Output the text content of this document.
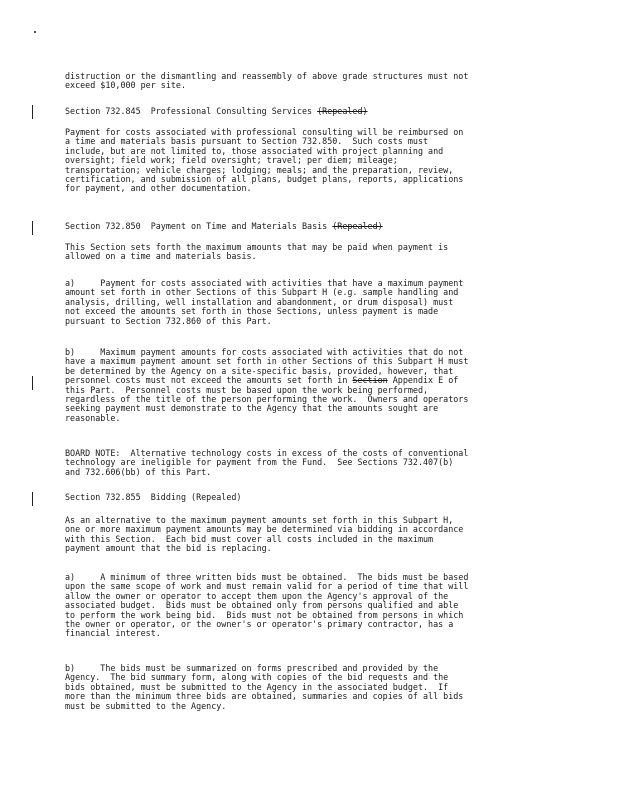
distruction or the dismantling and reassembly of above grade structures must not
exceed $10,000 per site.
Section 732.845  Professional Consulting Services (Repealed)
Payment for costs associated with professional consulting will be reimbursed on
a time and materials basis pursuant to Section 732.850.  Such costs must
include, but are not limited to, those associated with project planning and
oversight; field work; field oversight; travel; per diem; mileage;
transportation; vehicle charges; lodging; meals; and the preparation, review,
certification, and submission of all plans, budget plans, reports, applications
for payment, and other documentation.
Section 732.850  Payment on Time and Materials Basis (Repealed)
This Section sets forth the maximum amounts that may be paid when payment is
allowed on a time and materials basis.
a)     Payment for costs associated with activities that have a maximum payment
amount set forth in other Sections of this Subpart H (e.g. sample handling and
analysis, drilling, well installation and abandonment, or drum disposal) must
not exceed the amounts set forth in those Sections, unless payment is made
pursuant to Section 732.860 of this Part.
b)     Maximum payment amounts for costs associated with activities that do not
have a maximum payment amount set forth in other Sections of this Subpart H must
be determined by the Agency on a site-specific basis, provided, however, that
personnel costs must not exceed the amounts set forth in Section Appendix E of
this Part.  Personnel costs must be based upon the work being performed,
regardless of the title of the person performing the work.  Owners and operators
seeking payment must demonstrate to the Agency that the amounts sought are
reasonable.
BOARD NOTE:  Alternative technology costs in excess of the costs of conventional
technology are ineligible for payment from the Fund.  See Sections 732.407(b)
and 732.606(bb) of this Part.
Section 732.855  Bidding (Repealed)
As an alternative to the maximum payment amounts set forth in this Subpart H,
one or more maximum payment amounts may be determined via bidding in accordance
with this Section.  Each bid must cover all costs included in the maximum
payment amount that the bid is replacing.
a)     A minimum of three written bids must be obtained.  The bids must be based
upon the same scope of work and must remain valid for a period of time that will
allow the owner or operator to accept them upon the Agency's approval of the
associated budget.  Bids must be obtained only from persons qualified and able
to perform the work being bid.  Bids must not be obtained from persons in which
the owner or operator, or the owner's or operator's primary contractor, has a
financial interest.
b)     The bids must be summarized on forms prescribed and provided by the
Agency.  The bid summary form, along with copies of the bid requests and the
bids obtained, must be submitted to the Agency in the associated budget.  If
more than the minimum three bids are obtained, summaries and copies of all bids
must be submitted to the Agency.
